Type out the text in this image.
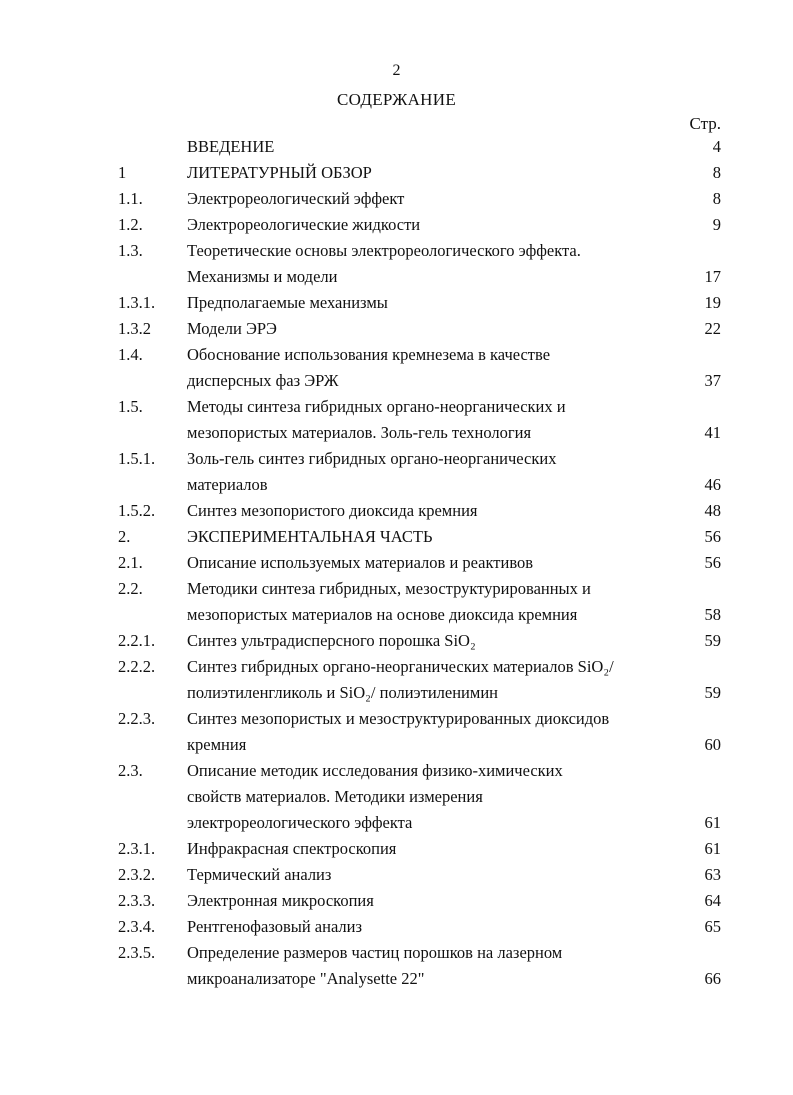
2
СОДЕРЖАНИЕ
Стр.
ВВЕДЕНИЕ	4
1	ЛИТЕРАТУРНЫЙ ОБЗОР	8
1.1.	Электрореологический эффект	8
1.2.	Электрореологические жидкости	9
1.3.	Теоретические основы электрореологического эффекта.
Механизмы и модели	17
1.3.1. Предполагаемые механизмы	19
1.3.2 Модели ЭРЭ	22
1.4.	Обоснование использования кремнезема в качестве
дисперсных фаз ЭРЖ	37
1.5.	Методы синтеза гибридных органо-неорганических и
мезопористых материалов. Золь-гель технология	41
1.5.1. Золь-гель синтез гибридных органо-неорганических
материалов	46
1.5.2. Синтез мезопористого диоксида кремния	48
2.	ЭКСПЕРИМЕНТАЛЬНАЯ ЧАСТЬ	56
2.1.	Описание используемых материалов и реактивов	56
2.2.	Методики синтеза гибридных, мезоструктурированных и
мезопористых материалов на основе диоксида кремния	58
2.2.1. Синтез ультрадисперсного порошка SiO₂	59
2.2.2. Синтез гибридных органо-неорганических материалов SiO₂/
полиэтиленгликоль и SiO₂/ полиэтиленимин	59
2.2.3. Синтез мезопористых и мезоструктурированных диоксидов
кремния	60
2.3.	Описание методик исследования физико-химических
свойств материалов. Методики измерения
электрореологического эффекта	61
2.3.1. Инфракрасная спектроскопия	61
2.3.2. Термический анализ	63
2.3.3. Электронная микроскопия	64
2.3.4. Рентгенофазовый анализ	65
2.3.5. Определение размеров частиц порошков на лазерном
микроанализаторе "Analysette 22"	66
